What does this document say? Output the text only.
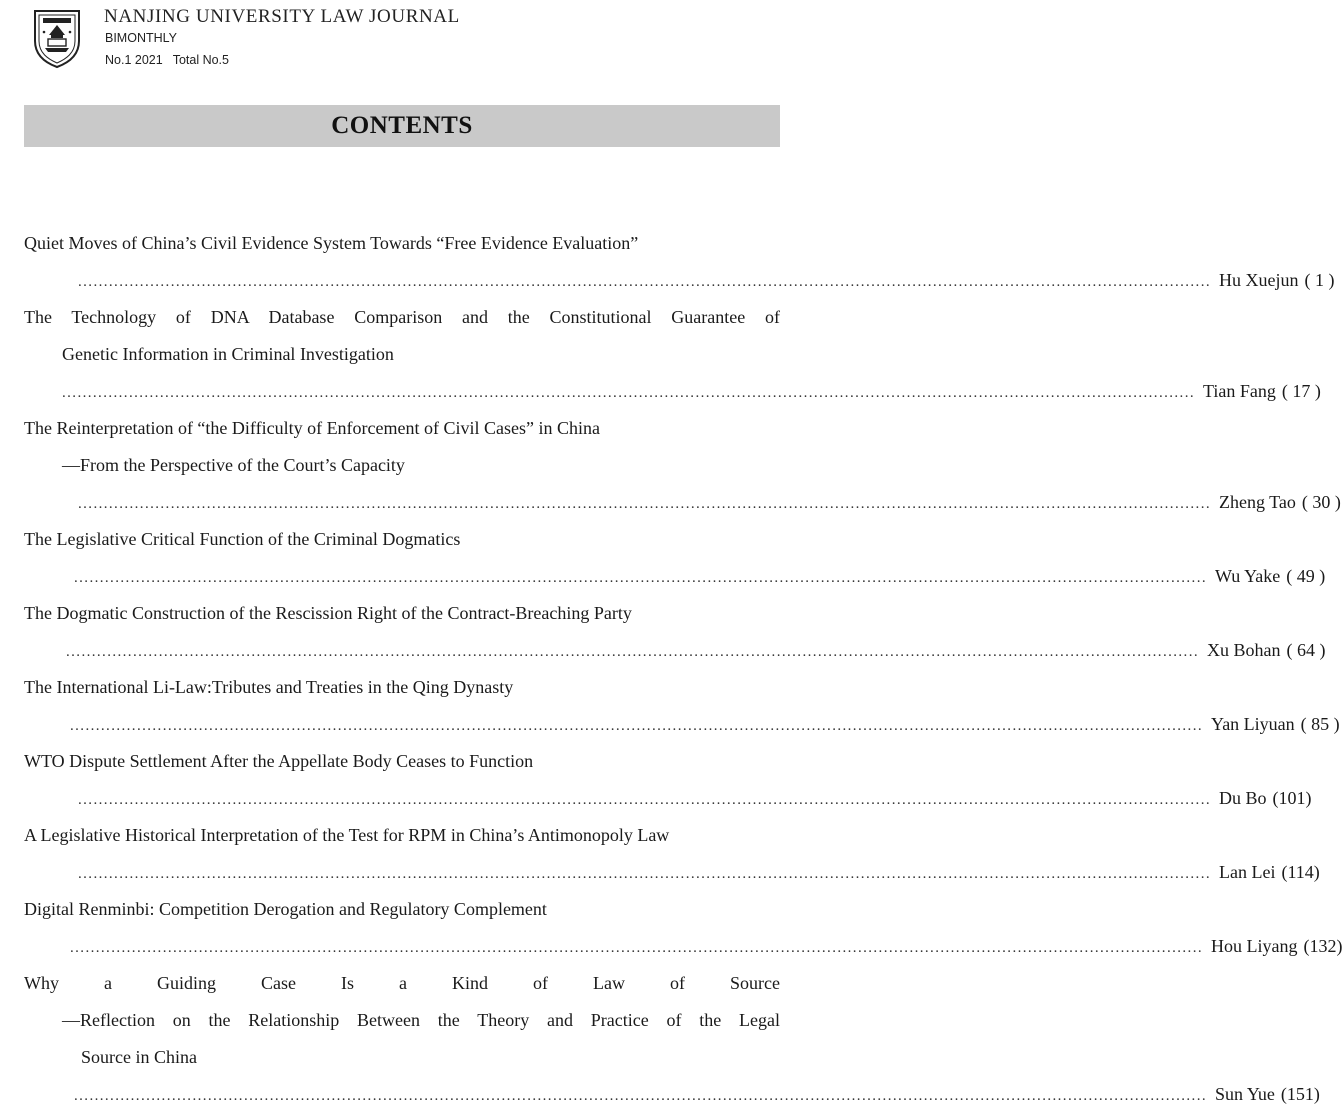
NANJING UNIVERSITY LAW JOURNAL
BIMONTHLY
No.1 2021 Total No.5
CONTENTS
Quiet Moves of China’s Civil Evidence System Towards “Free Evidence Evaluation”
............................................................................................................................................................................................................................ Hu Xuejun ( 1 )
The Technology of DNA Database Comparison and the Constitutional Guarantee of
Genetic Information in Criminal Investigation
............................................................................................................................................................................................................................ Tian Fang ( 17 )
The Reinterpretation of “the Difficulty of Enforcement of Civil Cases” in China
—From the Perspective of the Court’s Capacity
............................................................................................................................................................................................................................ Zheng Tao ( 30 )
The Legislative Critical Function of the Criminal Dogmatics
............................................................................................................................................................................................................................ Wu Yake ( 49 )
The Dogmatic Construction of the Rescission Right of the Contract-Breaching Party
............................................................................................................................................................................................................................ Xu Bohan ( 64 )
The International Li-Law:Tributes and Treaties in the Qing Dynasty
............................................................................................................................................................................................................................ Yan Liyuan ( 85 )
WTO Dispute Settlement After the Appellate Body Ceases to Function
............................................................................................................................................................................................................................ Du Bo (101)
A Legislative Historical Interpretation of the Test for RPM in China’s Antimonopoly Law
............................................................................................................................................................................................................................ Lan Lei (114)
Digital Renminbi: Competition Derogation and Regulatory Complement
............................................................................................................................................................................................................................ Hou Liyang (132)
Why a Guiding Case Is a Kind of Law of Source
—Reflection on the Relationship Between the Theory and Practice of the Legal
Source in China
............................................................................................................................................................................................................................ Sun Yue (151)
